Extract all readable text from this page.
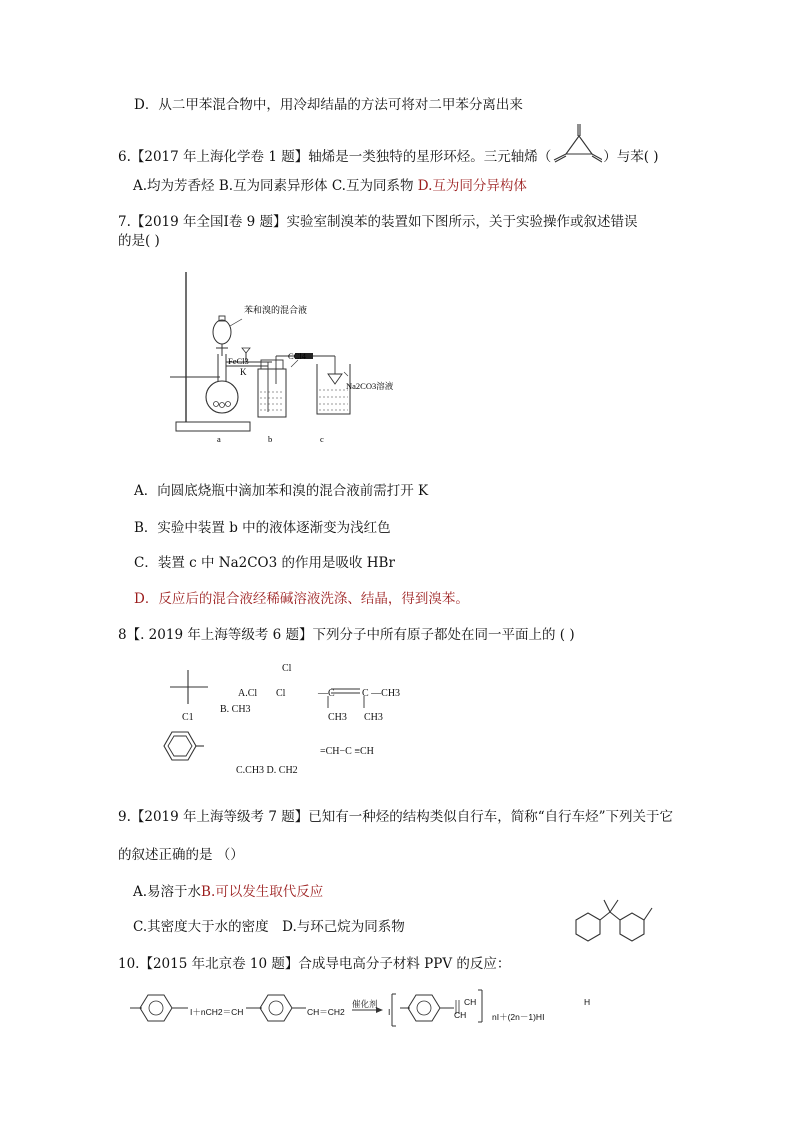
D．从二甲苯混合物中，用冷却结晶的方法可将对二甲苯分离出来
6.【2017 年上海化学卷 1 题】轴烯是一类独特的星形环烃。三元轴烯（	）与苯( )
A.均为芳香烃 B.互为同素异形体 C.互为同系物 D.互为同分异构体
7.【2019 年全国Ⅰ卷 9 题】实验室制溴苯的装置如下图所示，关于实验操作或叙述错误
的是( )
苯和溴的混合液
K
FeCl3	CCl4
Na2CO3溶液
a	b	c
A．向圆底烧瓶中滴加苯和溴的混合液前需打开 K
B．实验中装置 b 中的液体逐渐变为浅红色
C．装置 c 中 Na2CO3 的作用是吸收 HBr
D．反应后的混合液经稀碱溶液洗涤、结晶，得到溴苯。
8【. 2019 年上海等级考 6 题】下列分子中所有原子都处在同一平面上的 ( )
Cl
C1
A.Cl Cl
B. CH3
—C	C —CH3
CH3 CH3
=CH−C ≡CH
C.CH3 D. CH2
9.【2019 年上海等级考 7 题】已知有一种烃的结构类似自行车，简称“自行车烃”下列关于它
的叙述正确的是 （）
A.易溶于水B.可以发生取代反应
C.其密度大于水的密度　D.与环己烷为同系物
10.【2015 年北京卷 10 题】合成导电高分子材料 PPV 的反应：
I＋nCH2＝CH	CH＝CH2
催化剂
I
CH
CH	nI＋(2n－1)HI
H
